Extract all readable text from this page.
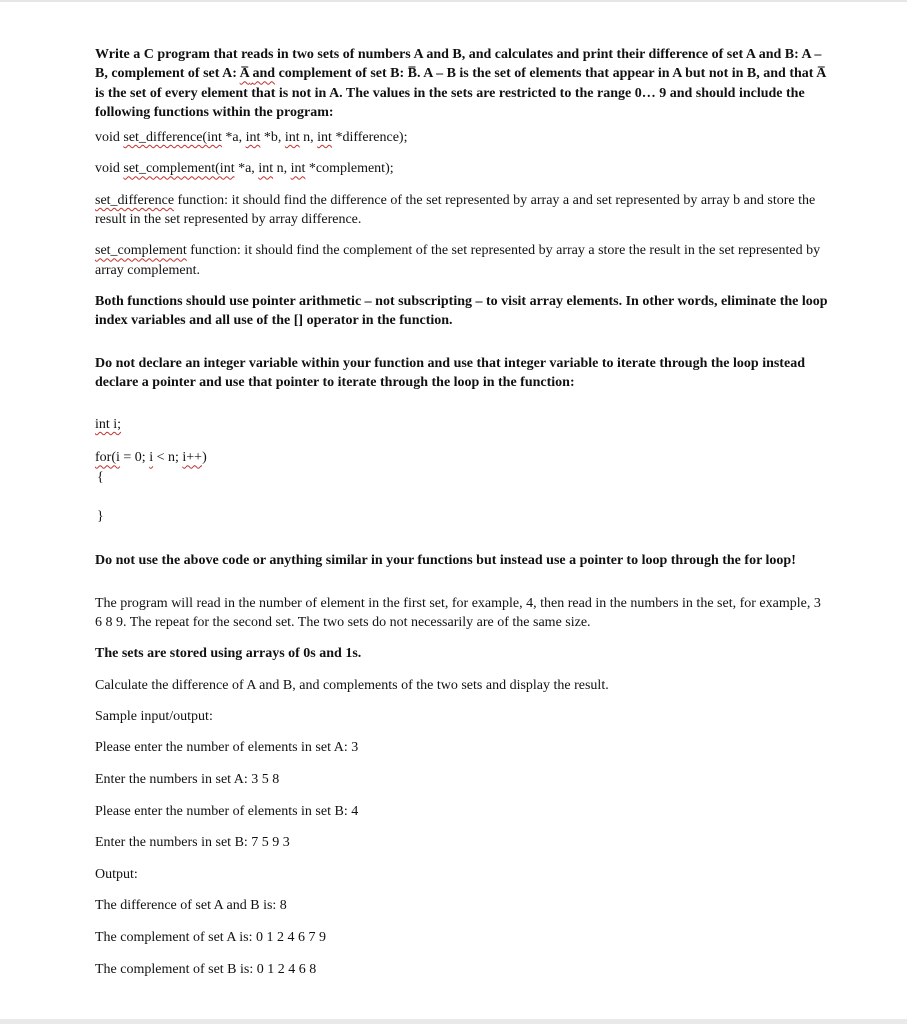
Write a C program that reads in two sets of numbers A and B, and calculates and print their difference of set A and B: A – B, complement of set A: A̅ and complement of set B: B̅. A – B is the set of elements that appear in A but not in B, and that A̅ is the set of every element that is not in A. The values in the sets are restricted to the range 0… 9 and should include the following functions within the program:

void set_difference(int *a, int *b, int n, int *difference);

void set_complement(int *a, int n, int *complement);

set_difference function: it should find the difference of the set represented by array a and set represented by array b and store the result in the set represented by array difference.

set_complement function: it should find the complement of the set represented by array a store the result in the set represented by array complement.

Both functions should use pointer arithmetic – not subscripting – to visit array elements. In other words, eliminate the loop index variables and all use of the [] operator in the function.

Do not declare an integer variable within your function and use that integer variable to iterate through the loop instead declare a pointer and use that pointer to iterate through the loop in the function:

int i;

for(i = 0; i < n; i++)

{

}

Do not use the above code or anything similar in your functions but instead use a pointer to loop through the for loop!

The program will read in the number of element in the first set, for example, 4, then read in the numbers in the set, for example, 3 6 8 9. The repeat for the second set. The two sets do not necessarily are of the same size.

The sets are stored using arrays of 0s and 1s.

Calculate the difference of A and B, and complements of the two sets and display the result.

Sample input/output:

Please enter the number of elements in set A: 3

Enter the numbers in set A: 3 5 8

Please enter the number of elements in set B: 4

Enter the numbers in set B: 7 5 9 3

Output:

The difference of set A and B is: 8

The complement of set A is: 0 1 2 4 6 7 9

The complement of set B is: 0 1 2 4 6 8
